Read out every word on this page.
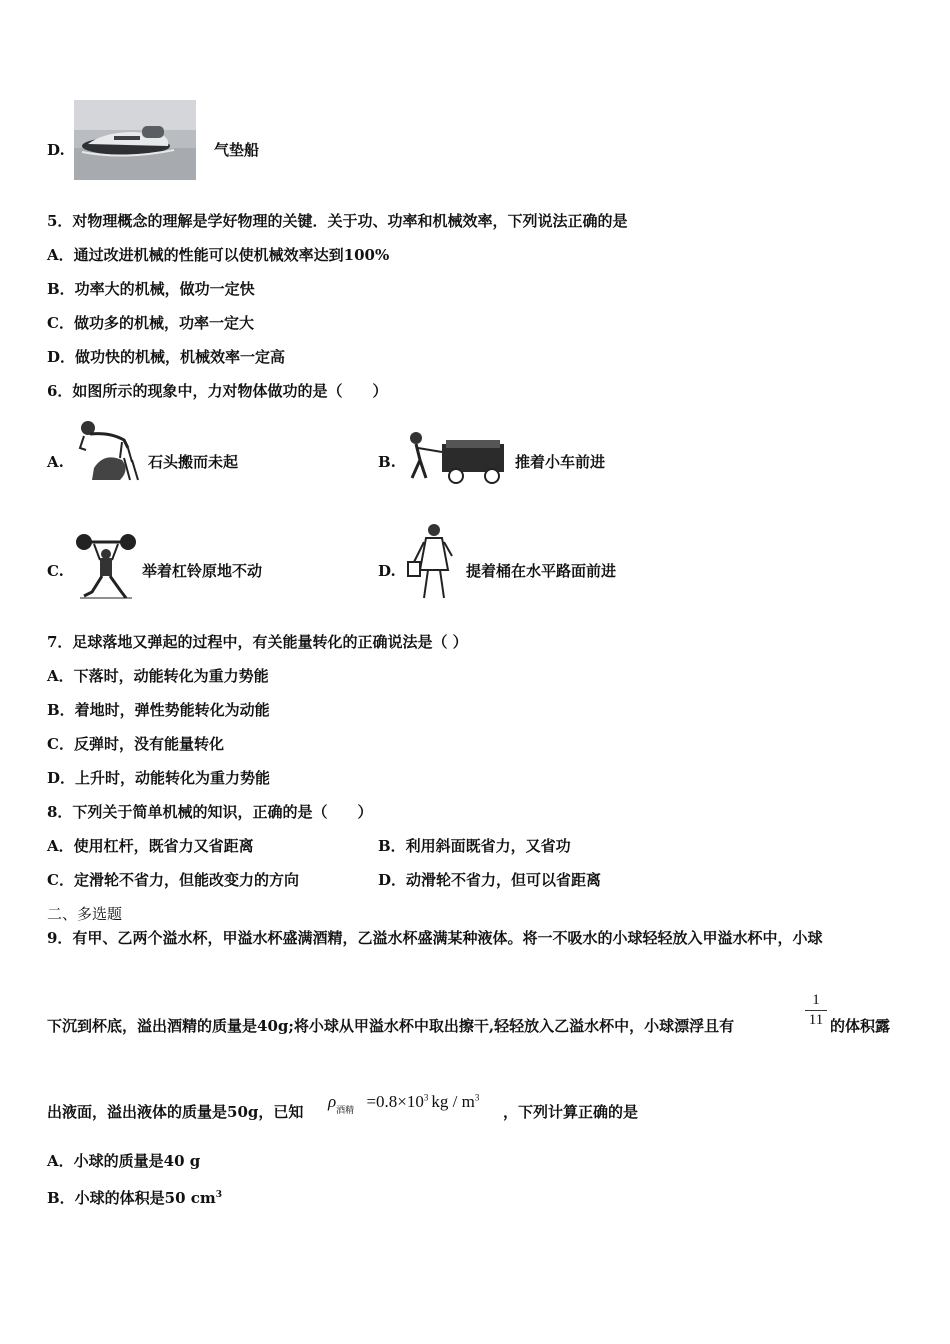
D.	气垫船
5．对物理概念的理解是学好物理的关键．关于功、功率和机械效率，下列说法正确的是
A．通过改进机械的性能可以使机械效率达到100%
B．功率大的机械，做功一定快
C．做功多的机械，功率一定大
D．做功快的机械，机械效率一定高
6．如图所示的现象中，力对物体做功的是（　　）
A.	石头搬而未起	B.	推着小车前进
C.	举着杠铃原地不动	D.	提着桶在水平路面前进
7．足球落地又弹起的过程中，有关能量转化的正确说法是（ ）
A．下落时，动能转化为重力势能
B．着地时，弹性势能转化为动能
C．反弹时，没有能量转化
D．上升时，动能转化为重力势能
8．下列关于简单机械的知识，正确的是（　　）
A．使用杠杆，既省力又省距离	B．利用斜面既省力，又省功
C．定滑轮不省力，但能改变力的方向	D．动滑轮不省力，但可以省距离
二、多选题
9．有甲、乙两个溢水杯，甲溢水杯盛满酒精，乙溢水杯盛满某种液体。将一不吸水的小球轻轻放入甲溢水杯中，小球
下沉到杯底，溢出酒精的质量是40g;将小球从甲溢水杯中取出擦干,轻轻放入乙溢水杯中，小球漂浮且有
1
11 的体积露
出液面，溢出液体的质量是50g，已知
$\rho_{酒精} =0.8\times 10^3$ kg / $m^3$
，下列计算正确的是
A．小球的质量是40 g
B．小球的体积是50 $cm^3$
